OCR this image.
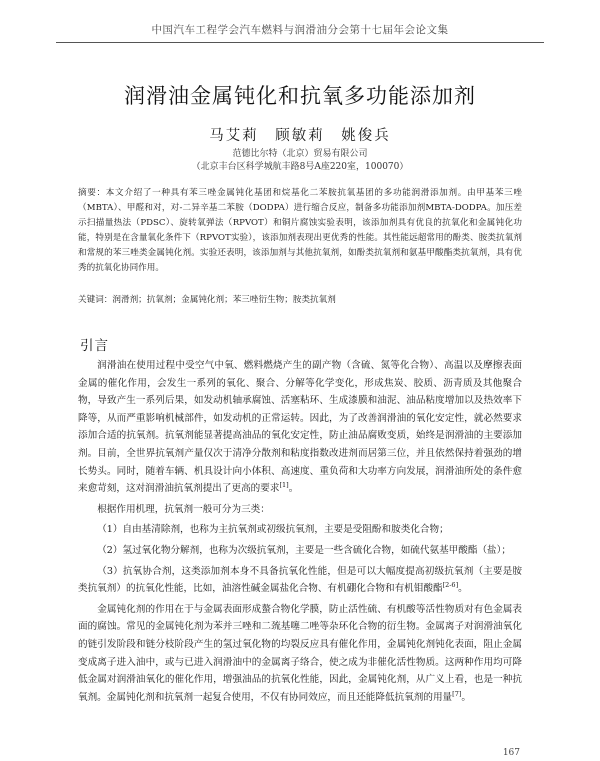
中国汽车工程学会汽车燃料与润滑油分会第十七届年会论文集
润滑油金属钝化和抗氧多功能添加剂
马艾莉　顾敏莉　姚俊兵
范德比尔特（北京）贸易有限公司
（北京丰台区科学城航丰路8号A座220室，100070）
摘要：本文介绍了一种具有苯三唑金属钝化基团和烷基化二苯胺抗氧基团的多功能润滑添加剂。由甲基苯三唑（MBTA）、甲醛和对，对-二异辛基二苯胺（DODPA）进行缩合反应，制备多功能添加剂MBTA-DODPA。加压差示扫描量热法（PDSC）、旋转氧弹法（RPVOT）和铜片腐蚀实验表明，该添加剂具有优良的抗氧化和金属钝化功能，特别是在含量氧化条件下（RPVOT实验），该添加剂表现出更优秀的性能。其性能远超常用的酚类、胺类抗氧剂和常规的苯三唑类金属钝化剂。实验还表明，该添加剂与其他抗氧剂，如酚类抗氧剂和氨基甲酸酯类抗氧剂，具有优秀的抗氧化协同作用。
关键词：润滑剂；抗氧剂；金属钝化剂；苯三唑衍生物；胺类抗氧剂
引言

润滑油在使用过程中受空气中氧、燃料燃烧产生的副产物（含硫、氮等化合物）、高温以及摩擦表面金属的催化作用，会发生一系列的氧化、聚合、分解等化学变化，形成焦炭、胶质、沥青质及其他聚合物，导致产生一系列后果，如发动机轴承腐蚀、活塞粘环、生成漆膜和油泥、油品粘度增加以及热效率下降等，从而严重影响机械部件，如发动机的正常运转。因此，为了改善润滑油的氧化安定性，就必然要求添加合适的抗氧剂。抗氧剂能显著提高油品的氧化安定性，防止油品腐败变质，始终是润滑油的主要添加剂。目前，全世界抗氧剂产量仅次于清净分散剂和粘度指数改进剂而居第三位，并且依然保持着强劲的增长势头。同时，随着车辆、机具设计向小体积、高速度、重负荷和大功率方向发展，润滑油所处的条件愈来愈苛刻，这对润滑油抗氧剂提出了更高的要求[1]。

根据作用机理，抗氧剂一般可分为三类：

（1）自由基清除剂，也称为主抗氧剂或初级抗氧剂，主要是受阻酚和胺类化合物；

（2）氢过氧化物分解剂，也称为次级抗氧剂，主要是一些含硫化合物，如硫代氨基甲酸酯（盐）；

（3）抗氧协合剂，这类添加剂本身不具备抗氧化性能，但是可以大幅度提高初级抗氧剂（主要是胺类抗氧剂）的抗氧化性能，比如，油溶性碱金属盐化合物、有机硼化合物和有机钼酸酯[2-6]。

金属钝化剂的作用在于与金属表面形成螯合物化学膜，防止活性硫、有机酸等活性物质对有色金属表面的腐蚀。常见的金属钝化剂为苯并三唑和二巯基噻二唑等杂环化合物的衍生物。金属离子对润滑油氧化的链引发阶段和链分枝阶段产生的氢过氧化物的均裂反应具有催化作用，金属钝化剂钝化表面，阻止金属变成离子进入油中，或与已进入润滑油中的金属离子络合，使之成为非催化活性物质。这两种作用均可降低金属对润滑油氧化的催化作用，增强油品的抗氧化性能，因此，金属钝化剂，从广义上看，也是一种抗氧剂。金属钝化剂和抗氧剂一起复合使用，不仅有协同效应，而且还能降低抗氧剂的用量[7]。

167
